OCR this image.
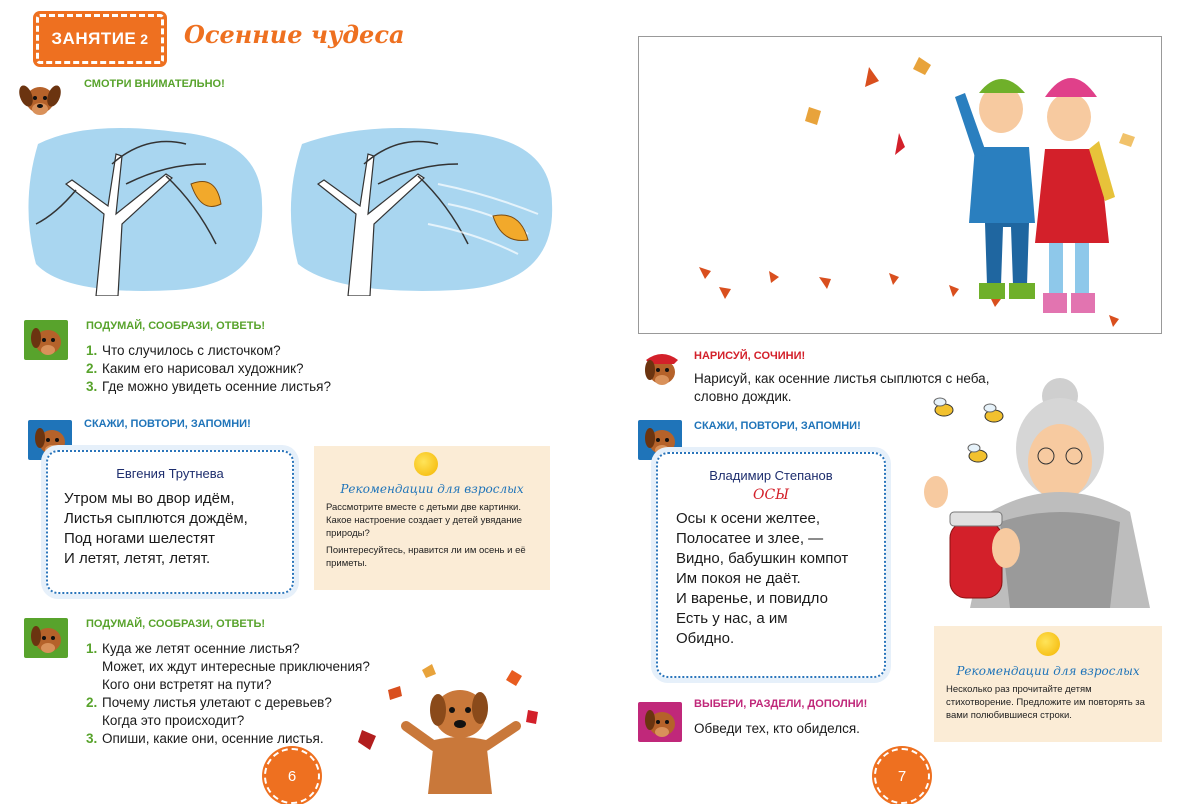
ЗАНЯТИЕ 2 Осенние чудеса
СМОТРИ ВНИМАТЕЛЬНО!
ПОДУМАЙ, СООБРАЗИ, ОТВЕТЬ!
1. Что случилось с листочком?
2. Каким его нарисовал художник?
3. Где можно увидеть осенние листья?
СКАЖИ, ПОВТОРИ, ЗАПОМНИ!
Евгения Трутнева
Утром мы во двор идём,
Листья сыплются дождём,
Под ногами шелестят
И летят, летят, летят.
Рекомендации для взрослых
Рассмотрите вместе с детьми две картинки. Какое настроение создает у детей увядание природы?
Поинтересуйтесь, нравится ли им осень и её приметы.
ПОДУМАЙ, СООБРАЗИ, ОТВЕТЬ!
1. Куда же летят осенние листья?
Может, их ждут интересные приключения?
Кого они встретят на пути?
2. Почему листья улетают с деревьев?
Когда это происходит?
3. Опиши, какие они, осенние листья.
6
НАРИСУЙ, СОЧИНИ!
Нарисуй, как осенние листья сыплются с неба,
словно дождик.
СКАЖИ, ПОВТОРИ, ЗАПОМНИ!
Владимир Степанов
ОСЫ
Осы к осени желтее,
Полосатее и злее, —
Видно, бабушкин компот
Им покоя не даёт.
И варенье, и повидло
Есть у нас, а им
Обидно.
Рекомендации для взрослых
Несколько раз прочитайте детям стихотворение. Предложите им повторять за вами полюбившиеся строки.
ВЫБЕРИ, РАЗДЕЛИ, ДОПОЛНИ!
Обведи тех, кто обиделся.
7
